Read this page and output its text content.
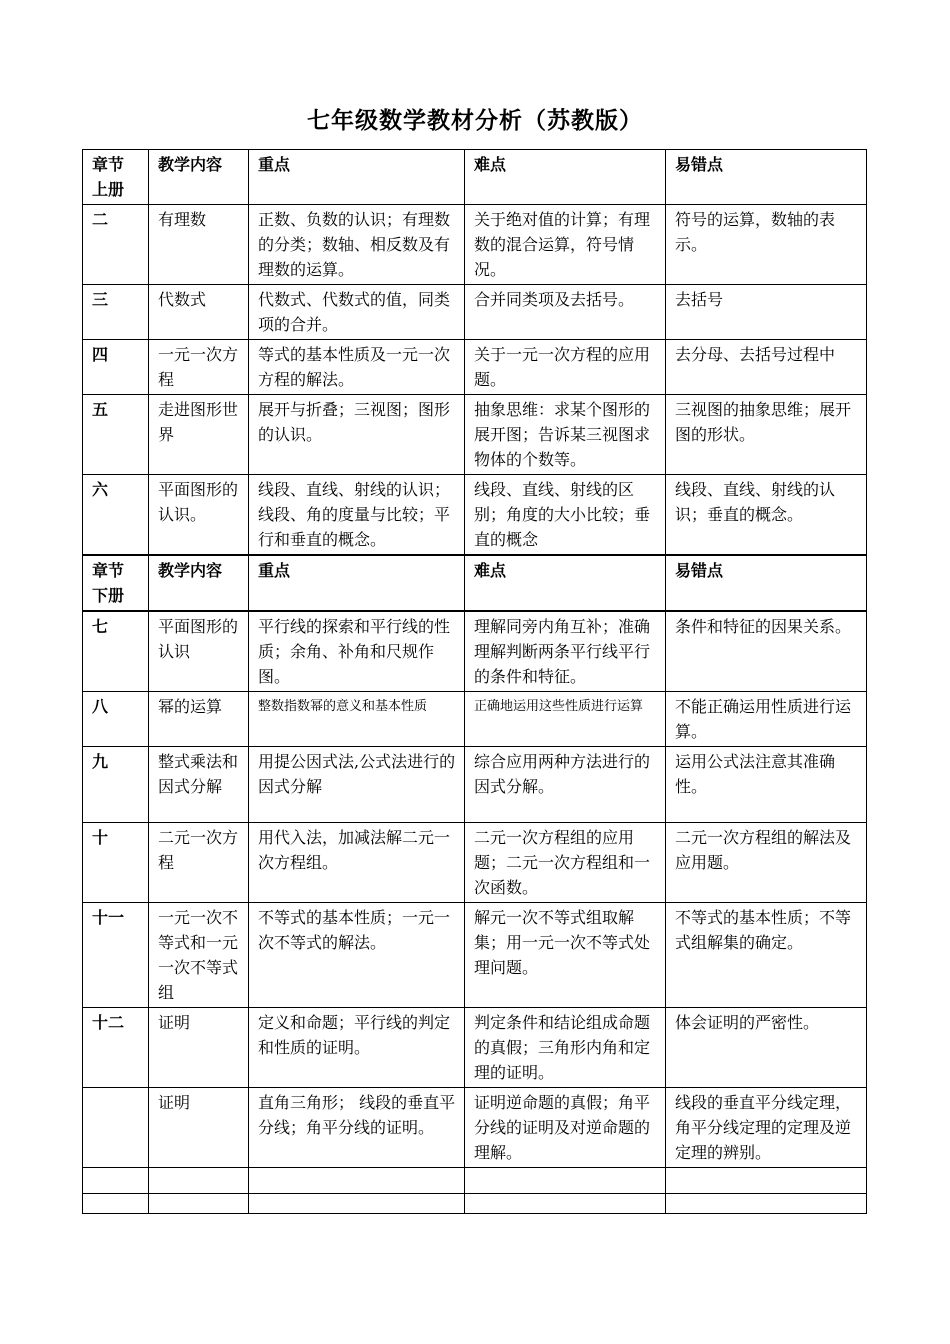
七年级数学教材分析（苏教版）
章节
上册	教学内容	重点	难点	易错点
二	有理数	正数、负数的认识；有理数的分类；数轴、相反数及有理数的运算。	关于绝对值的计算；有理数的混合运算，符号情况。	符号的运算，数轴的表示。
三	代数式	代数式、代数式的值，同类项的合并。	合并同类项及去括号。	去括号
四	一元一次方程	等式的基本性质及一元一次方程的解法。	关于一元一次方程的应用题。	去分母、去括号过程中
五	走进图形世界	展开与折叠；三视图；图形的认识。	抽象思维：求某个图形的展开图；告诉某三视图求物体的个数等。	三视图的抽象思维；展开图的形状。
六	平面图形的认识。	线段、直线、射线的认识；线段、角的度量与比较；平行和垂直的概念。	线段、直线、射线的区别；角度的大小比较；垂直的概念	线段、直线、射线的认识；垂直的概念。
章节
下册	教学内容	重点	难点	易错点
七	平面图形的认识	平行线的探索和平行线的性质；余角、补角和尺规作图。	理解同旁内角互补；准确理解判断两条平行线平行的条件和特征。	条件和特征的因果关系。
八	幂的运算	整数指数幂的意义和基本性质	正确地运用这些性质进行运算	不能正确运用性质进行运算。
九	整式乘法和因式分解	用提公因式法,公式法进行的因式分解	综合应用两种方法进行的因式分解。	运用公式法注意其准确性。
十	二元一次方程	用代入法，加减法解二元一次方程组。	二元一次方程组的应用题；二元一次方程组和一次函数。	二元一次方程组的解法及应用题。
十一	一元一次不等式和一元一次不等式组	不等式的基本性质；一元一次不等式的解法。	解元一次不等式组取解集；用一元一次不等式处理问题。	不等式的基本性质；不等式组解集的确定。
十二	证明	定义和命题；平行线的判定和性质的证明。	判定条件和结论组成命题的真假；三角形内角和定理的证明。	体会证明的严密性。
	证明	直角三角形； 线段的垂直平分线；角平分线的证明。	证明逆命题的真假；角平分线的证明及对逆命题的理解。	线段的垂直平分线定理，角平分线定理的定理及逆定理的辨别。
